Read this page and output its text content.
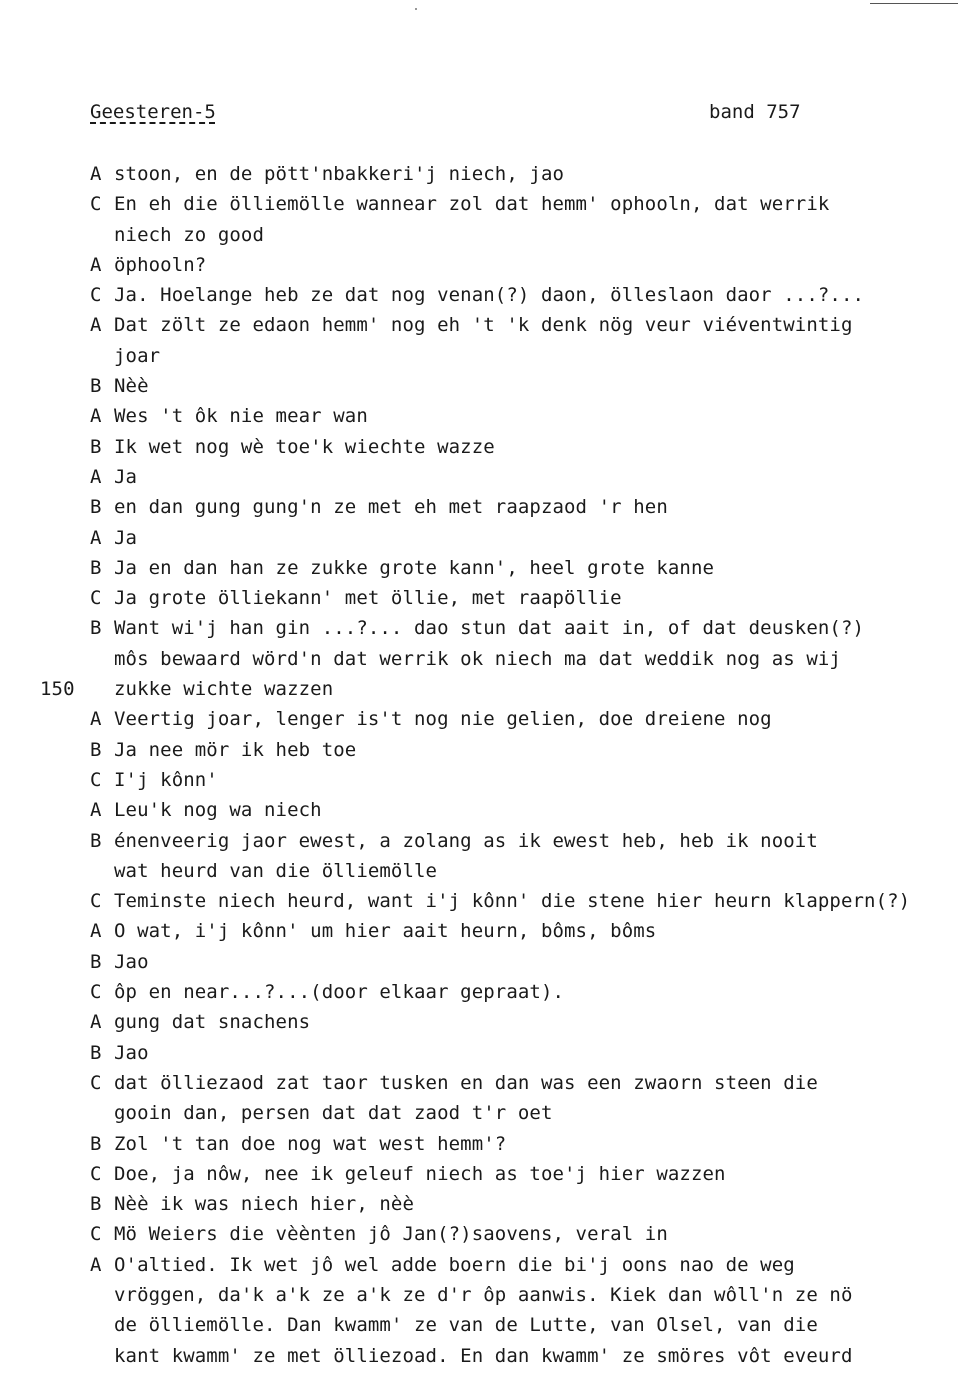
Geesteren-5	band 757
A stoon, en de pött'nbakkeri'j niech, jao
C En eh die ölliemölle wannear zol dat hemm' ophooln, dat werrik
niech zo good
A öphooln?
C Ja. Hoelange heb ze dat nog venan(?) daon, ölleslaon daor ...?...
A Dat zölt ze edaon hemm' nog eh 't 'k denk nög veur viéventwintig
joar
B Nèè
A Wes 't ôk nie mear wan
B Ik wet nog wè toe'k wiechte wazze
A Ja
B en dan gung gung'n ze met eh met raapzaod 'r hen
A Ja
B Ja en dan han ze zukke grote kann', heel grote kanne
C Ja grote ölliekann' met öllie, met raapöllie
B Want wi'j han gin ...?... dao stun dat aait in, of dat deusken(?)
môs bewaard wörd'n dat werrik ok niech ma dat weddik nog as wij
150 zukke wichte wazzen
A Veertig joar, lenger is't nog nie gelien, doe dreiene nog
B Ja nee mör ik heb toe
C I'j kônn'
A Leu'k nog wa niech
B énenveerig jaor ewest, a zolang as ik ewest heb, heb ik nooit
wat heurd van die ölliemölle
C Teminste niech heurd, want i'j kônn' die stene hier heurn klappern(?)
A O wat, i'j kônn' um hier aait heurn, bôms, bôms
B Jao
C ôp en near...?...(door elkaar gepraat).
A gung dat snachens
B Jao
C dat ölliezaod zat taor tusken en dan was een zwaorn steen die
gooin dan, persen dat dat zaod t'r oet
B Zol 't tan doe nog wat west hemm'?
C Doe, ja nôw, nee ik geleuf niech as toe'j hier wazzen
B Nèè ik was niech hier, nèè
C Mö Weiers die vèènten jô Jan(?)saovens, veral in
A O'altied. Ik wet jô wel adde boern die bi'j oons nao de weg
vröggen, da'k a'k ze a'k ze d'r ôp aanwis. Kiek dan wôll'n ze nö
de ölliemölle. Dan kwamm' ze van de Lutte, van Olsel, van die
kant kwamm' ze met ölliezoad. En dan kwamm' ze smöres vôt eveurd
